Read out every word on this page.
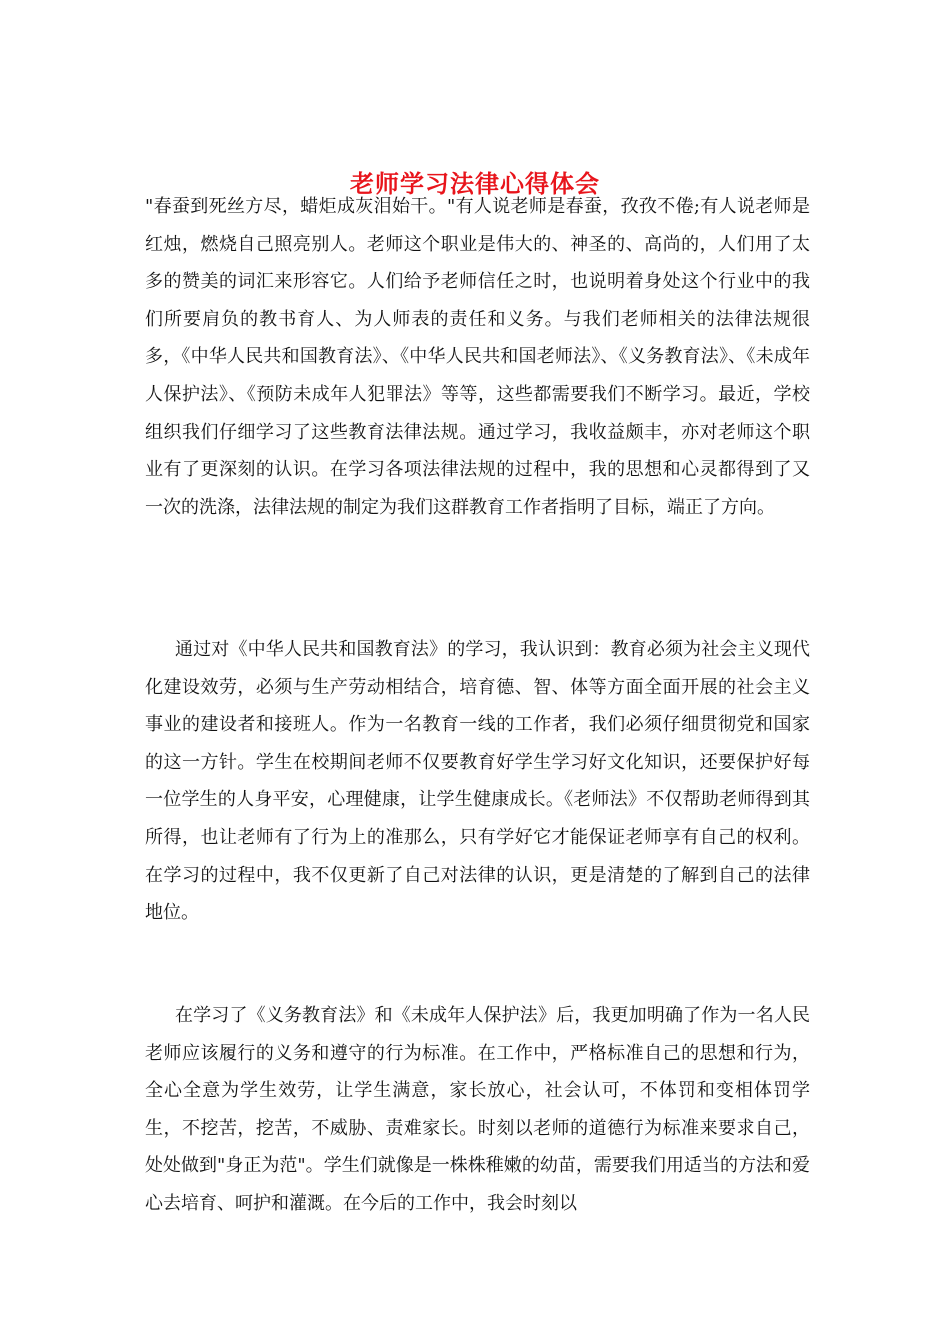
老师学习法律心得体会

"春蚕到死丝方尽，蜡炬成灰泪始干。"有人说老师是春蚕，孜孜不倦;有人说老师是红烛，燃烧自己照亮别人。老师这个职业是伟大的、神圣的、高尚的，人们用了太多的赞美的词汇来形容它。人们给予老师信任之时，也说明着身处这个行业中的我们所要肩负的教书育人、为人师表的责任和义务。与我们老师相关的法律法规很多，《中华人民共和国教育法》、《中华人民共和国老师法》、《义务教育法》、《未成年人保护法》、《预防未成年人犯罪法》等等，这些都需要我们不断学习。最近，学校组织我们仔细学习了这些教育法律法规。通过学习，我收益颇丰，亦对老师这个职业有了更深刻的认识。在学习各项法律法规的过程中，我的思想和心灵都得到了又一次的洗涤，法律法规的制定为我们这群教育工作者指明了目标，端正了方向。

通过对《中华人民共和国教育法》的学习，我认识到：教育必须为社会主义现代化建设效劳，必须与生产劳动相结合，培育德、智、体等方面全面开展的社会主义事业的建设者和接班人。作为一名教育一线的工作者，我们必须仔细贯彻党和国家的这一方针。学生在校期间老师不仅要教育好学生学习好文化知识，还要保护好每一位学生的人身平安，心理健康，让学生健康成长。《老师法》不仅帮助老师得到其所得，也让老师有了行为上的准那么，只有学好它才能保证老师享有自己的权利。在学习的过程中，我不仅更新了自己对法律的认识，更是清楚的了解到自己的法律地位。

在学习了《义务教育法》和《未成年人保护法》后，我更加明确了作为一名人民老师应该履行的义务和遵守的行为标准。在工作中，严格标准自己的思想和行为，全心全意为学生效劳，让学生满意，家长放心，社会认可，不体罚和变相体罚学生，不挖苦，挖苦，不威胁、责难家长。时刻以老师的道德行为标准来要求自己，处处做到"身正为范"。学生们就像是一株株稚嫩的幼苗，需要我们用适当的方法和爱心去培育、呵护和灌溉。在今后的工作中，我会时刻以
